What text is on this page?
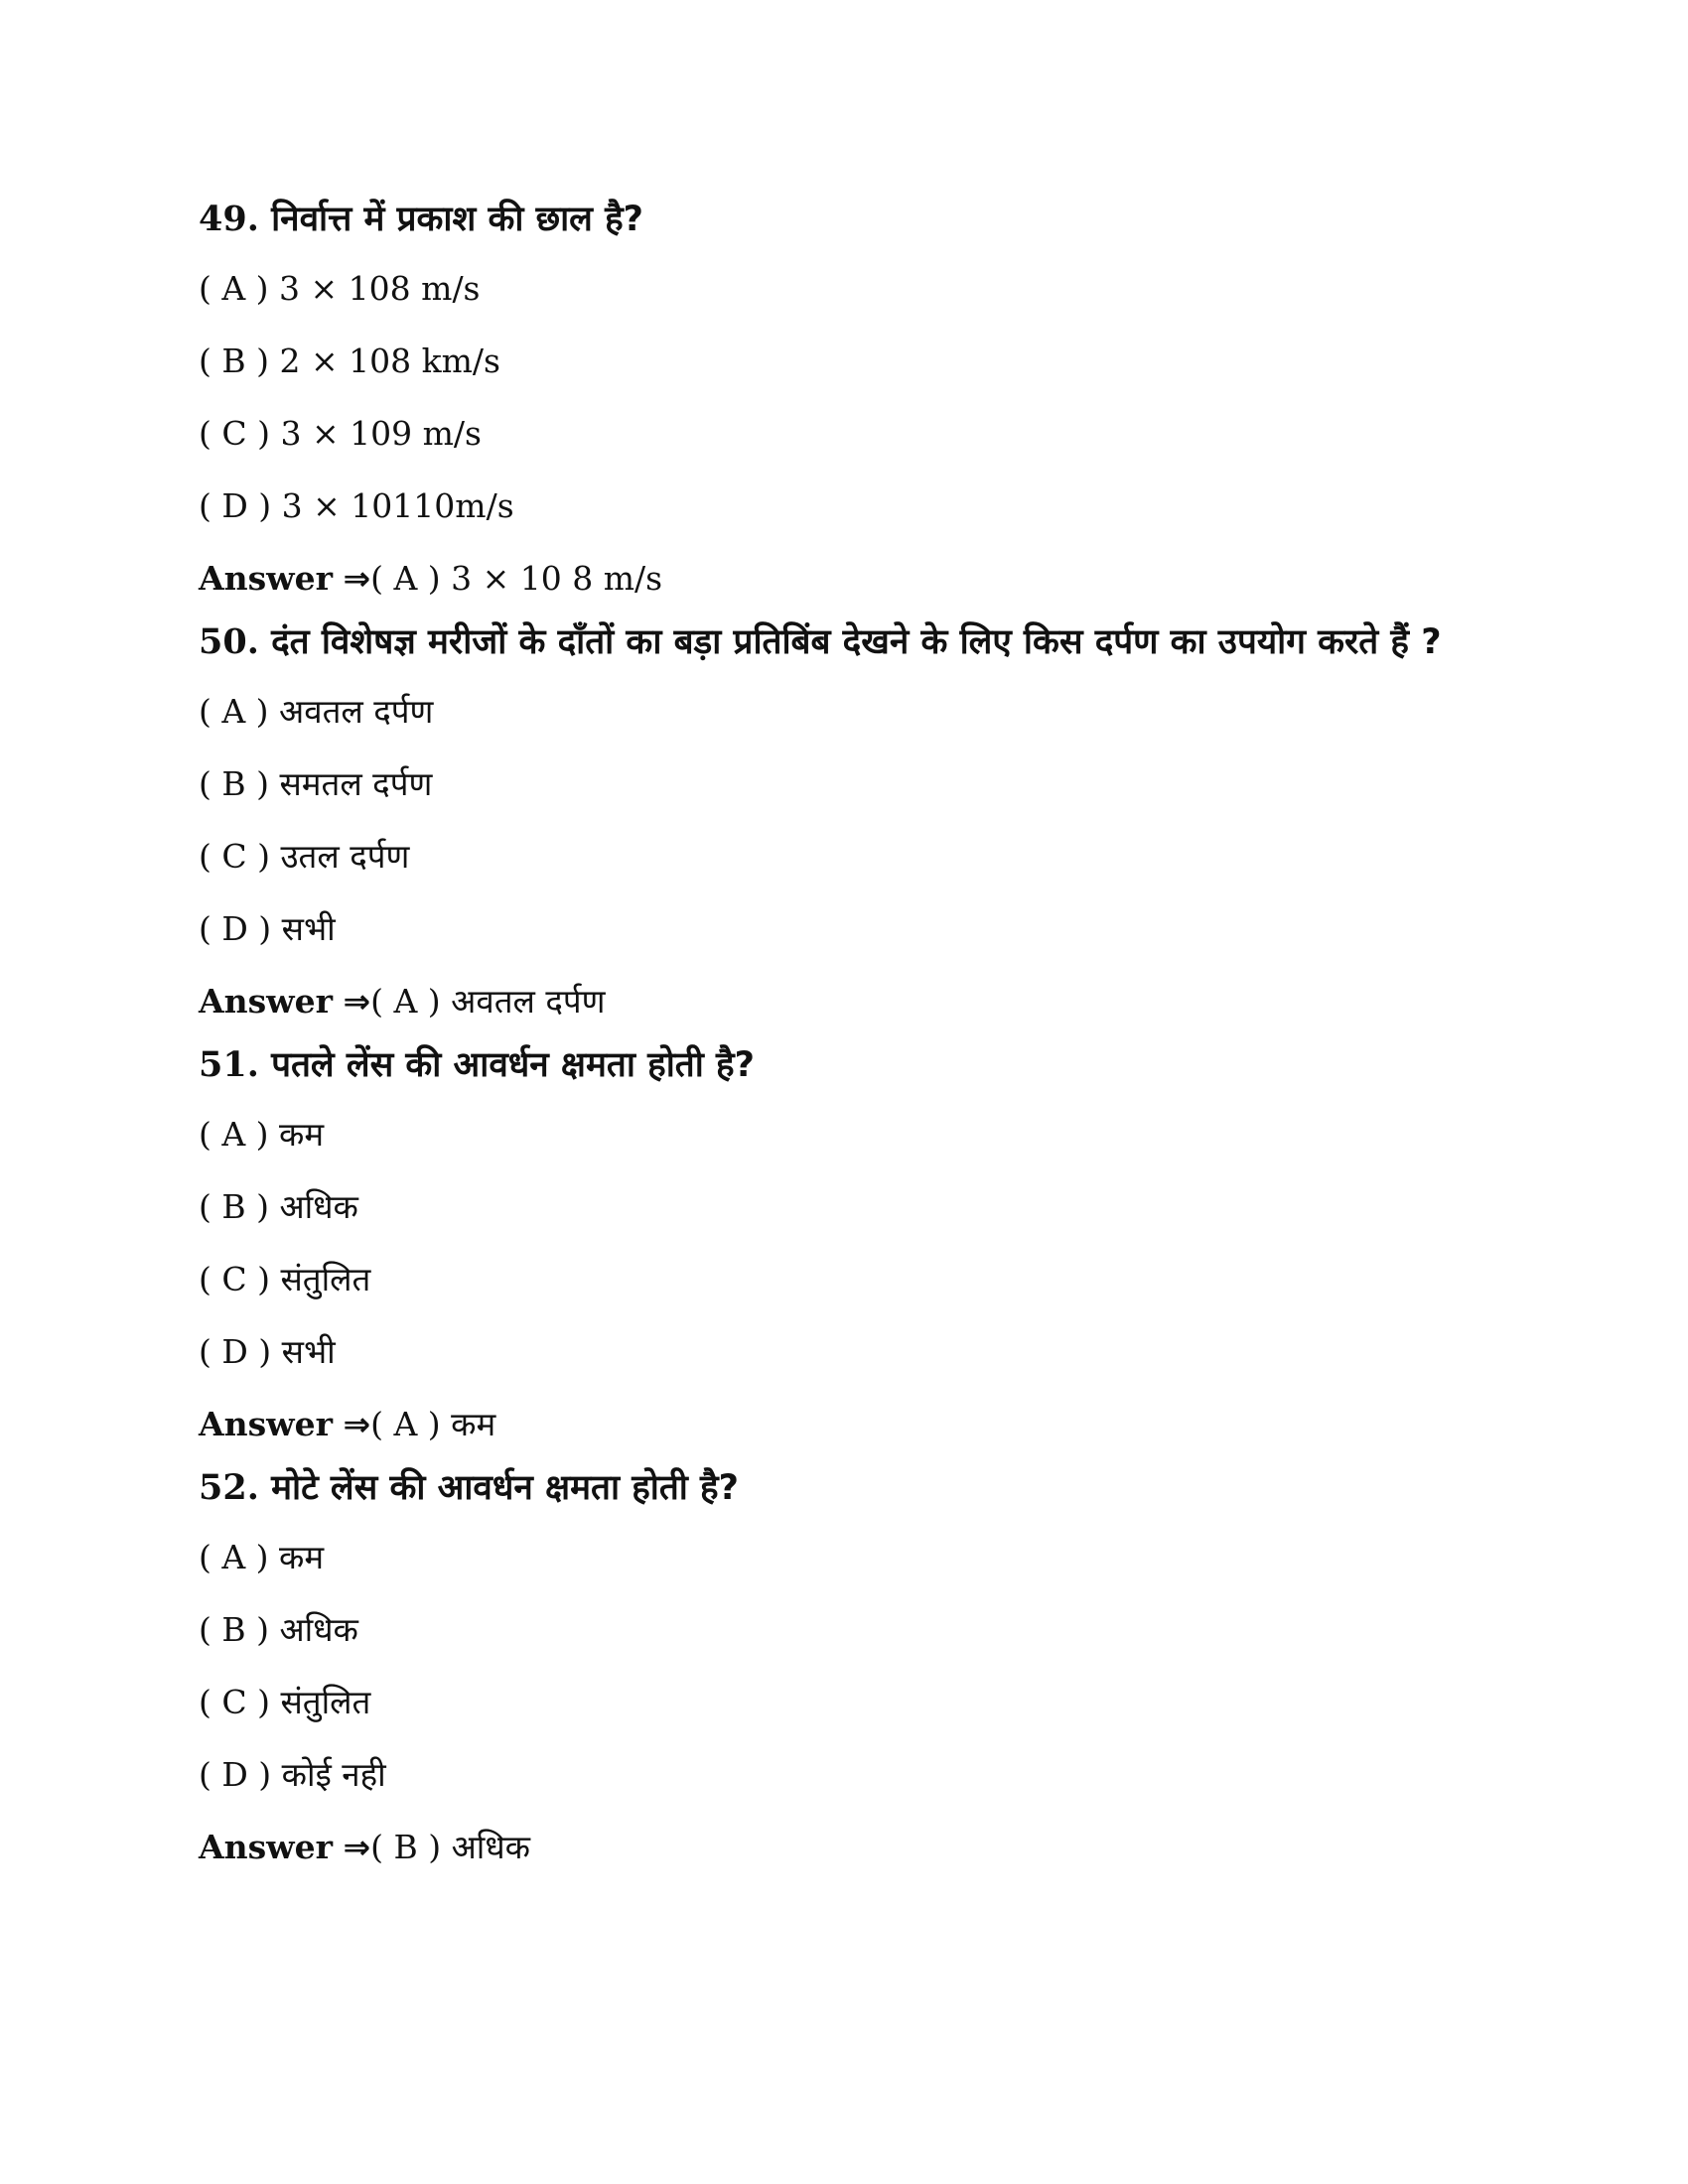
49. निर्वात्त में प्रकाश की छाल है?

( A ) 3 × 108 m/s
( B ) 2 × 108 km/s
( C ) 3 × 109 m/s
( D ) 3 × 10110m/s
Answer ⇒( A ) 3 × 10 8 m/s

50. दंत विशेषज्ञ मरीजों के दाँतों का बड़ा प्रतिबिंब देखने के लिए किस दर्पण का उपयोग करते हैं ?

( A ) अवतल दर्पण
( B ) समतल दर्पण
( C ) उतल दर्पण
( D ) सभी
Answer ⇒( A ) अवतल दर्पण

51. पतले लेंस की आवर्धन क्षमता होती है?

( A ) कम
( B ) अधिक
( C ) संतुलित
( D ) सभी
Answer ⇒( A ) कम

52. मोटे लेंस की आवर्धन क्षमता होती है?

( A ) कम
( B ) अधिक
( C ) संतुलित
( D ) कोई नही
Answer ⇒( B ) अधिक
